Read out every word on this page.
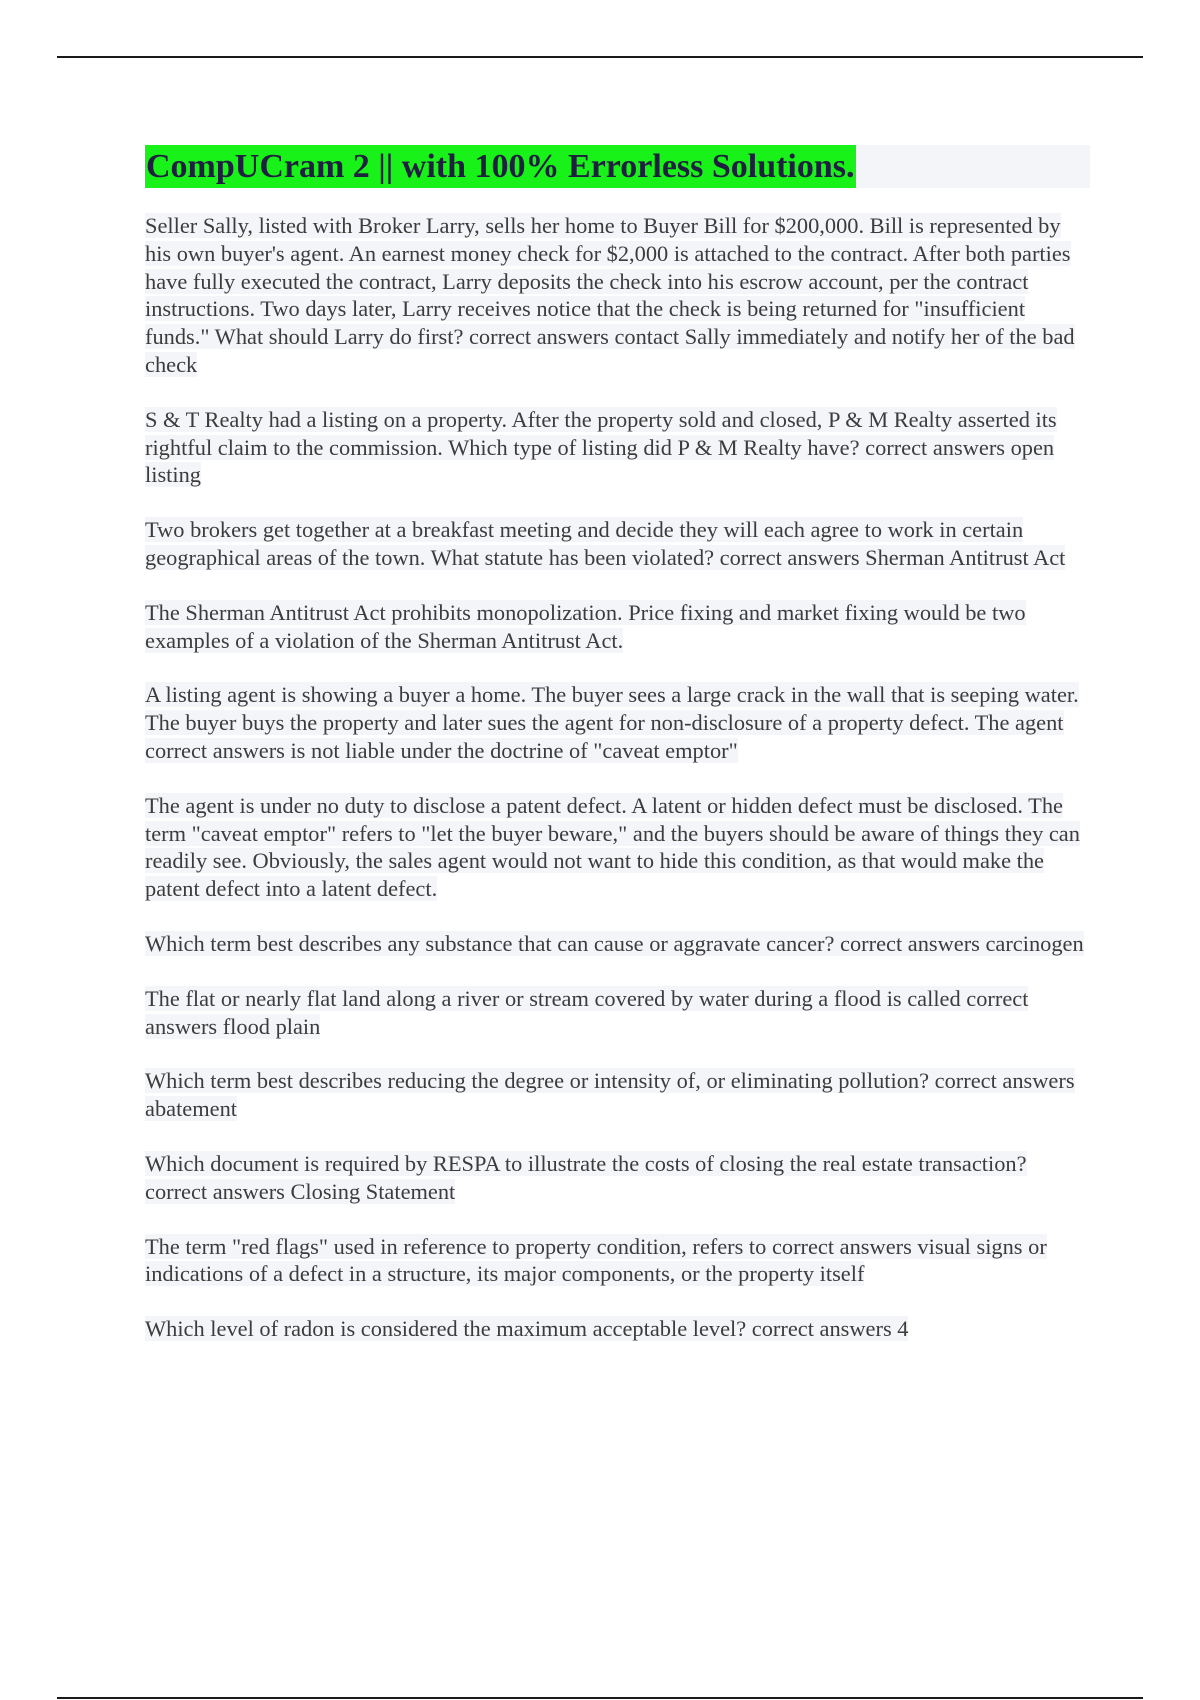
CompUCram 2 || with 100% Errorless Solutions.

Seller Sally, listed with Broker Larry, sells her home to Buyer Bill for $200,000. Bill is represented by his own buyer's agent. An earnest money check for $2,000 is attached to the contract. After both parties have fully executed the contract, Larry deposits the check into his escrow account, per the contract instructions. Two days later, Larry receives notice that the check is being returned for "insufficient funds." What should Larry do first? correct answers contact Sally immediately and notify her of the bad check

S & T Realty had a listing on a property. After the property sold and closed, P & M Realty asserted its rightful claim to the commission. Which type of listing did P & M Realty have? correct answers open listing

Two brokers get together at a breakfast meeting and decide they will each agree to work in certain geographical areas of the town. What statute has been violated? correct answers Sherman Antitrust Act

The Sherman Antitrust Act prohibits monopolization. Price fixing and market fixing would be two examples of a violation of the Sherman Antitrust Act.

A listing agent is showing a buyer a home. The buyer sees a large crack in the wall that is seeping water. The buyer buys the property and later sues the agent for non-disclosure of a property defect. The agent correct answers is not liable under the doctrine of "caveat emptor"

The agent is under no duty to disclose a patent defect. A latent or hidden defect must be disclosed. The term "caveat emptor" refers to "let the buyer beware," and the buyers should be aware of things they can readily see. Obviously, the sales agent would not want to hide this condition, as that would make the patent defect into a latent defect.

Which term best describes any substance that can cause or aggravate cancer? correct answers carcinogen

The flat or nearly flat land along a river or stream covered by water during a flood is called correct answers flood plain

Which term best describes reducing the degree or intensity of, or eliminating pollution? correct answers abatement

Which document is required by RESPA to illustrate the costs of closing the real estate transaction? correct answers Closing Statement

The term "red flags" used in reference to property condition, refers to correct answers visual signs or indications of a defect in a structure, its major components, or the property itself

Which level of radon is considered the maximum acceptable level? correct answers 4
